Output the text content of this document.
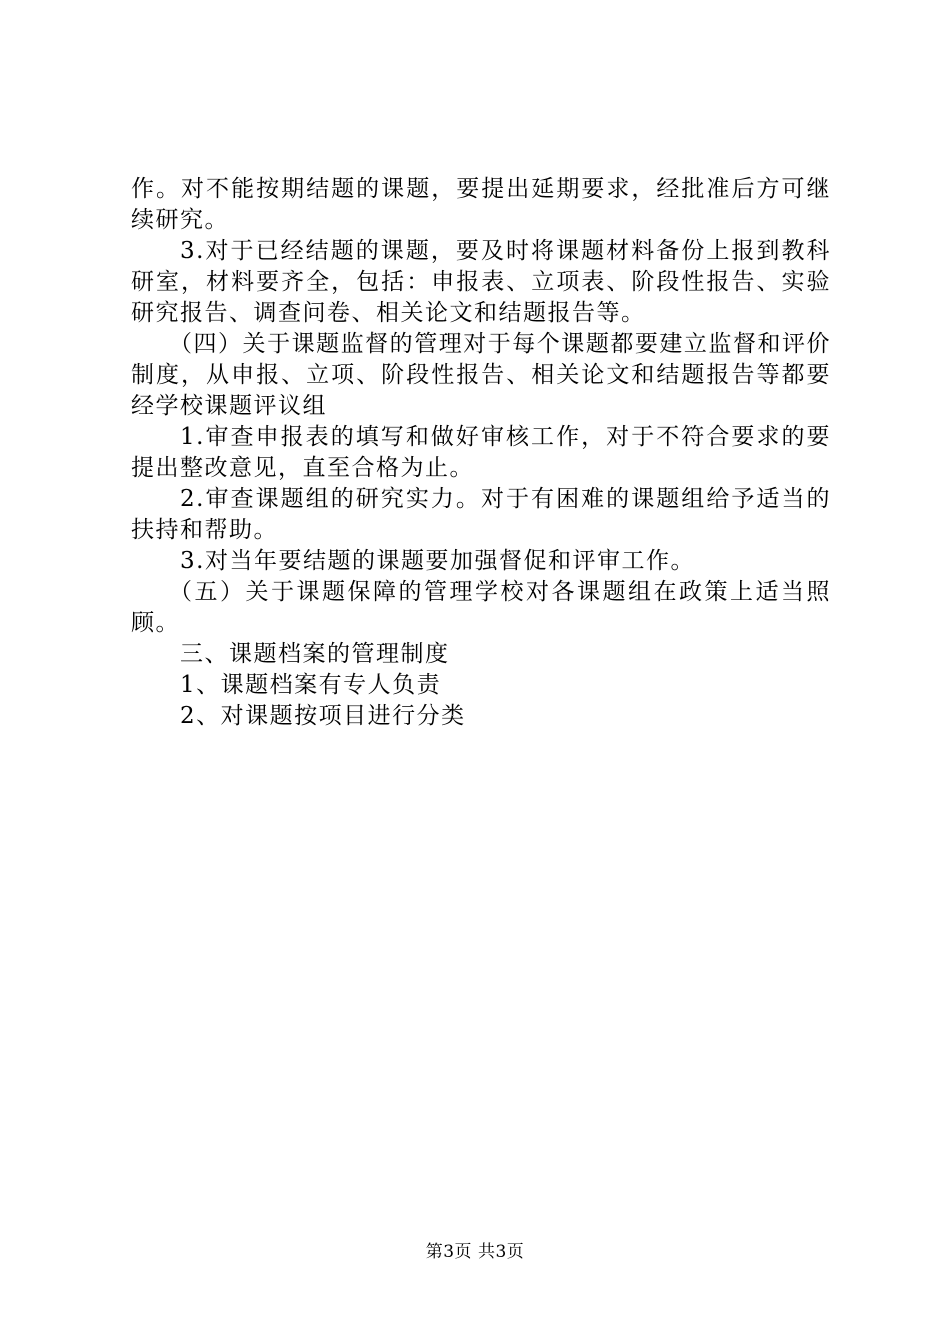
作。对不能按期结题的课题，要提出延期要求，经批准后方可继续研究。

3.对于已经结题的课题，要及时将课题材料备份上报到教科研室，材料要齐全，包括：申报表、立项表、阶段性报告、实验研究报告、调查问卷、相关论文和结题报告等。

（四）关于课题监督的管理对于每个课题都要建立监督和评价制度，从申报、立项、阶段性报告、相关论文和结题报告等都要经学校课题评议组

1.审查申报表的填写和做好审核工作，对于不符合要求的要提出整改意见，直至合格为止。

2.审查课题组的研究实力。对于有困难的课题组给予适当的扶持和帮助。

3.对当年要结题的课题要加强督促和评审工作。

（五）关于课题保障的管理学校对各课题组在政策上适当照顾。

三、课题档案的管理制度

1、课题档案有专人负责

2、对课题按项目进行分类

第3页 共3页
